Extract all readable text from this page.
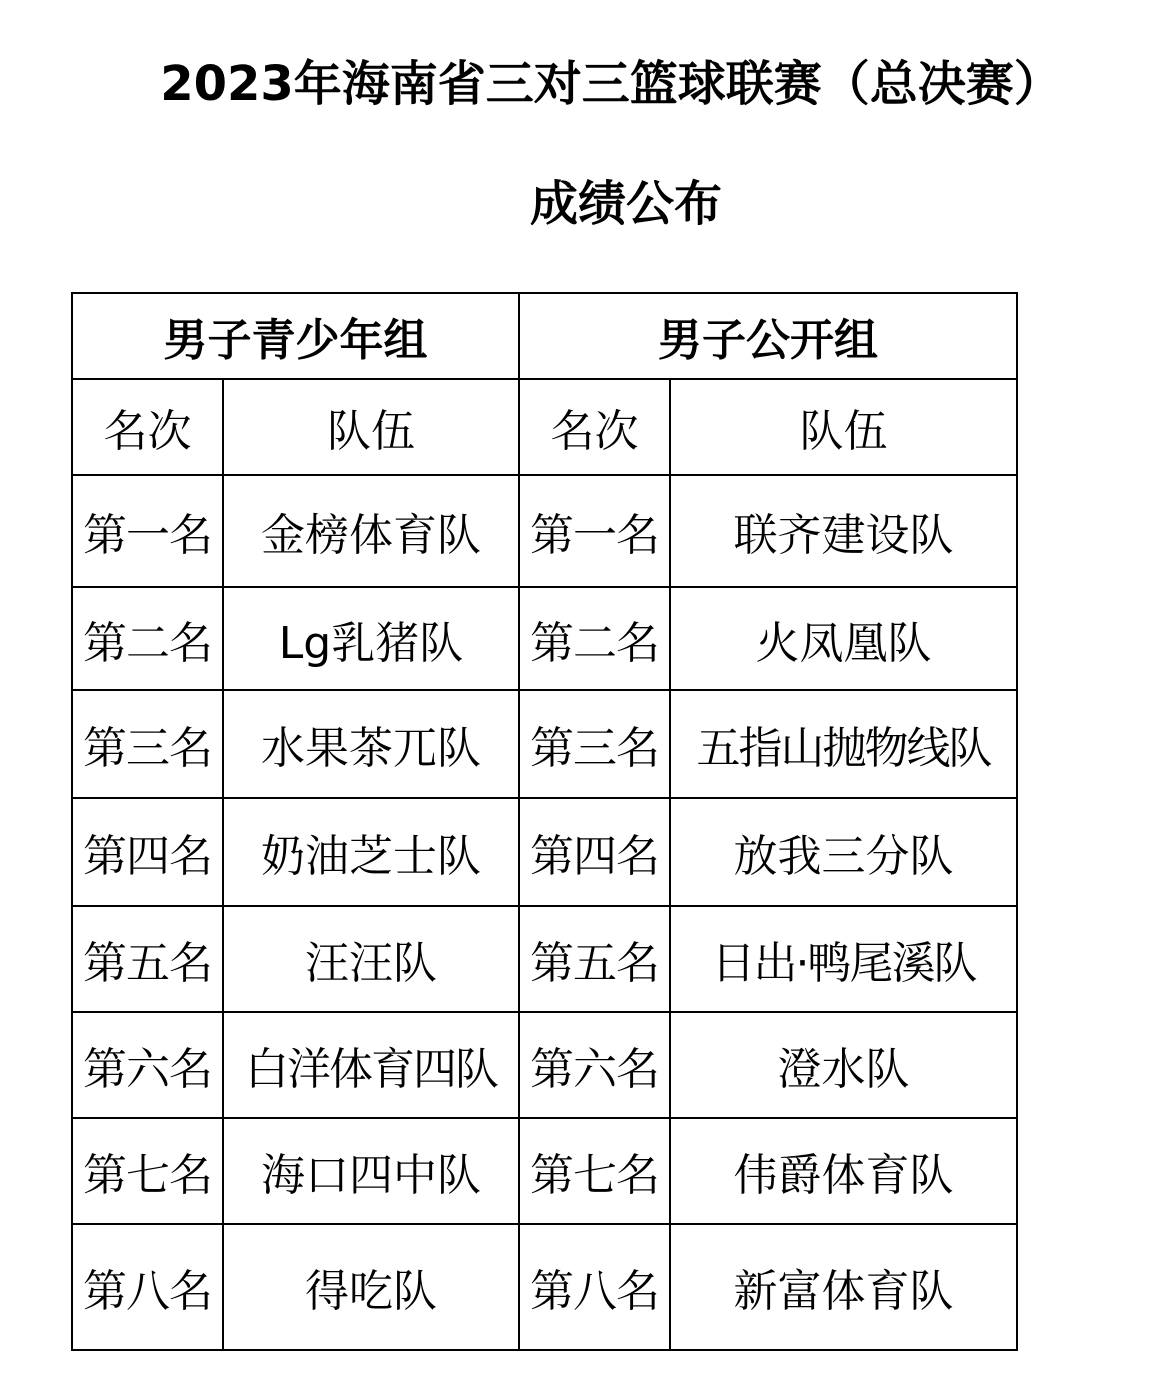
2023年海南省三对三篮球联赛（总决赛）
成绩公布
男子青少年组		男子公开组	
名次	队伍	名次	队伍
第一名	金榜体育队	第一名	联齐建设队
第二名	Lg乳猪队	第二名	火凤凰队
第三名	水果茶兀队	第三名	五指山抛物线队
第四名	奶油芝士队	第四名	放我三分队
第五名	汪汪队	第五名	日出·鸭尾溪队
第六名	白洋体育四队	第六名	澄水队
第七名	海口四中队	第七名	伟爵体育队
第八名	得吃队	第八名	新富体育队
